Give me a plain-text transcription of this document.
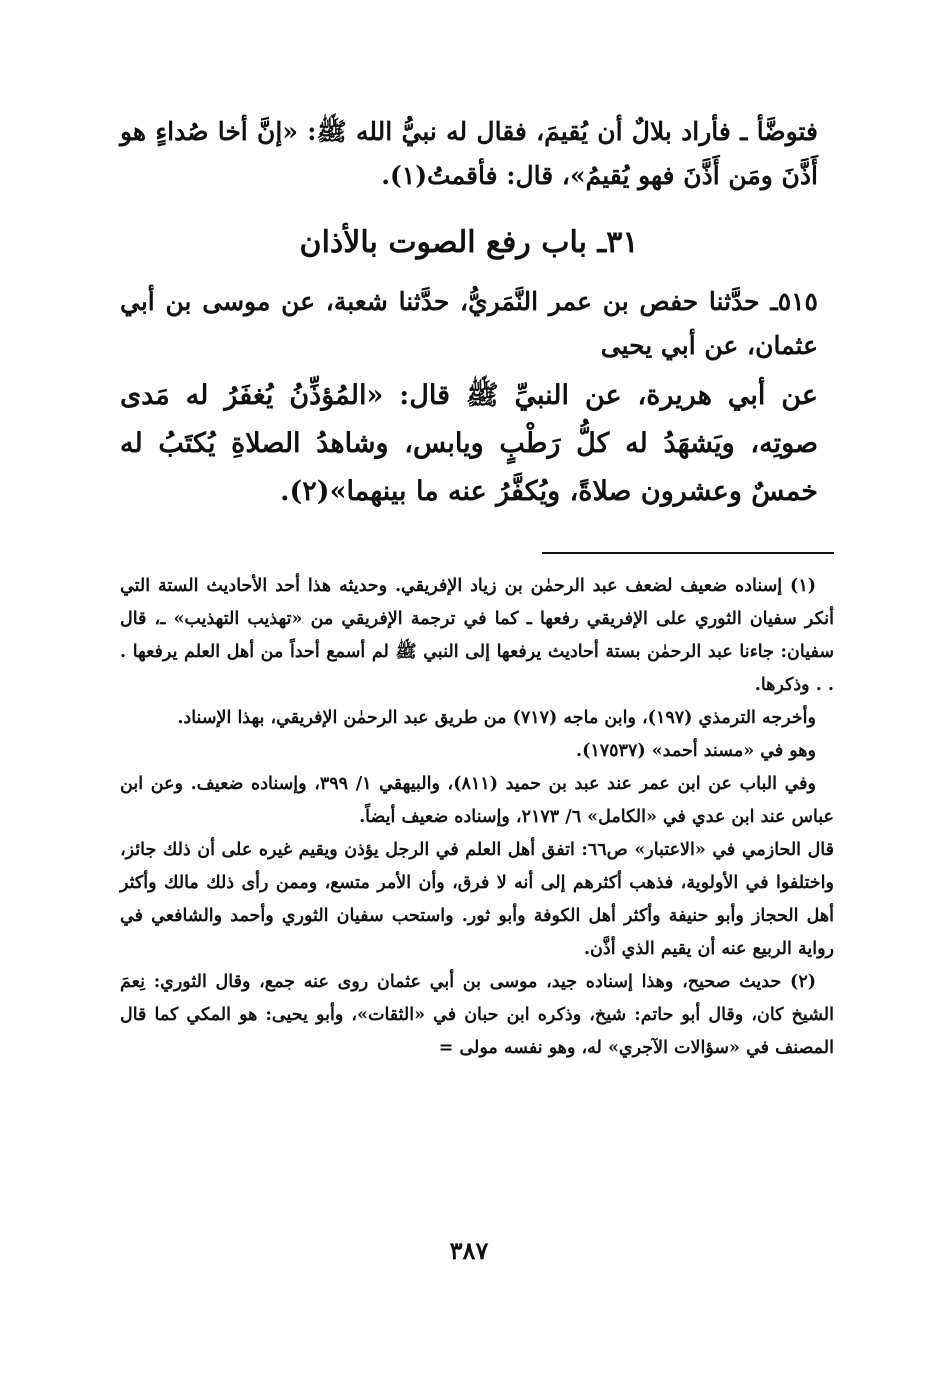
فتوضَّأ ـ فأراد بلالٌ أن يُقيمَ، فقال له نبيُّ الله ﷺ: «إنَّ أخا صُداءٍ هو أَذَّنَ ومَن أَذَّنَ فهو يُقيمُ»، قال: فأقمتُ(١).

٣١ـ باب رفع الصوت بالأذان

٥١٥ـ حدَّثنا حفص بن عمر النَّمَريُّ، حدَّثنا شعبة، عن موسى بن أبي عثمان، عن أبي يحيى

عن أبي هريرة، عن النبيِّ ﷺ قال: «المُؤذِّنُ يُغفَرُ له مَدى صوتِه، ويَشهَدُ له كلُّ رَطْبٍ ويابس، وشاهدُ الصلاةِ يُكتَبُ له خمسٌ وعشرون صلاةً، ويُكفَّرُ عنه ما بينهما»(٢).

(١) إسناده ضعيف لضعف عبد الرحمٰن بن زياد الإفريقي. وحديثه هذا أحد الأحاديث الستة التي أنكر سفيان الثوري على الإفريقي رفعها ـ كما في ترجمة الإفريقي من «تهذيب التهذيب» ـ، قال سفيان: جاءنا عبد الرحمٰن بستة أحاديث يرفعها إلى النبي ﷺ لم أسمع أحداً من أهل العلم يرفعها . . . وذكرها.

وأخرجه الترمذي (١٩٧)، وابن ماجه (٧١٧) من طريق عبد الرحمٰن الإفريقي، بهذا الإسناد.

وهو في «مسند أحمد» (١٧٥٣٧).

وفي الباب عن ابن عمر عند عبد بن حميد (٨١١)، والبيهقي ١/ ٣٩٩، وإسناده ضعيف. وعن ابن عباس عند ابن عدي في «الكامل» ٦/ ٢١٧٣، وإسناده ضعيف أيضاً.

قال الحازمي في «الاعتبار» ص٦٦: اتفق أهل العلم في الرجل يؤذن ويقيم غيره على أن ذلك جائز، واختلفوا في الأولوية، فذهب أكثرهم إلى أنه لا فرق، وأن الأمر متسع، وممن رأى ذلك مالك وأكثر أهل الحجاز وأبو حنيفة وأكثر أهل الكوفة وأبو ثور. واستحب سفيان الثوري وأحمد والشافعي في رواية الربيع عنه أن يقيم الذي أذَّن.

(٢) حديث صحيح، وهذا إسناده جيد، موسى بن أبي عثمان روى عنه جمع، وقال الثوري: نِعمَ الشيخ كان، وقال أبو حاتم: شيخ، وذكره ابن حبان في «الثقات»، وأبو يحيى: هو المكي كما قال المصنف في «سؤالات الآجري» له، وهو نفسه مولى =

٣٨٧
